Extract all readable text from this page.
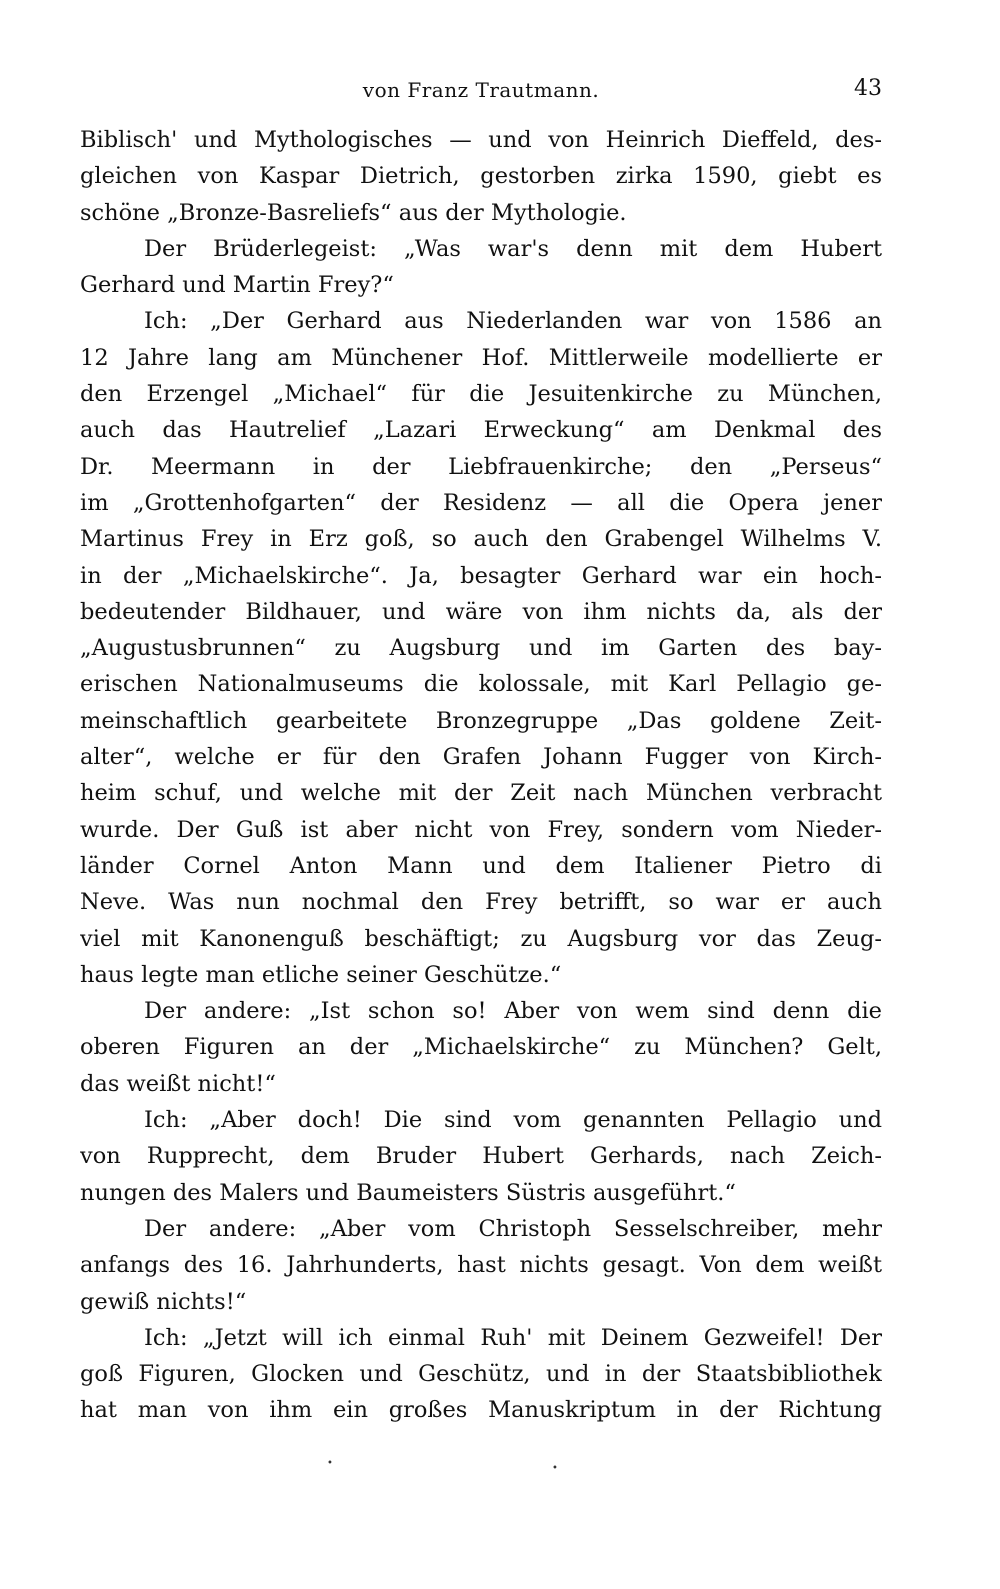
von Franz Trautmann.	43
Biblisch' und Mythologisches — und von Heinrich Dieffeld, des-
gleichen von Kaspar Dietrich, gestorben zirka 1590, giebt es
schöne „Bronze-Basreliefs“ aus der Mythologie.
Der Brüderlegeist: „Was war's denn mit dem Hubert
Gerhard und Martin Frey?“
Ich: „Der Gerhard aus Niederlanden war von 1586 an
12 Jahre lang am Münchener Hof. Mittlerweile modellierte er
den Erzengel „Michael“ für die Jesuitenkirche zu München,
auch das Hautrelief „Lazari Erweckung“ am Denkmal des
Dr. Meermann in der Liebfrauenkirche; den „Perseus“
im „Grottenhofgarten“ der Residenz — all die Opera jener
Martinus Frey in Erz goß, so auch den Grabengel Wilhelms V.
in der „Michaelskirche“. Ja, besagter Gerhard war ein hoch-
bedeutender Bildhauer, und wäre von ihm nichts da, als der
„Augustusbrunnen“ zu Augsburg und im Garten des bay-
erischen Nationalmuseums die kolossale, mit Karl Pellagio ge-
meinschaftlich gearbeitete Bronzegruppe „Das goldene Zeit-
alter“, welche er für den Grafen Johann Fugger von Kirch-
heim schuf, und welche mit der Zeit nach München verbracht
wurde. Der Guß ist aber nicht von Frey, sondern vom Nieder-
länder Cornel Anton Mann und dem Italiener Pietro di
Neve. Was nun nochmal den Frey betrifft, so war er auch
viel mit Kanonenguß beschäftigt; zu Augsburg vor das Zeug-
haus legte man etliche seiner Geschütze.“
Der andere: „Ist schon so! Aber von wem sind denn die
oberen Figuren an der „Michaelskirche“ zu München? Gelt,
das weißt nicht!“
Ich: „Aber doch! Die sind vom genannten Pellagio und
von Rupprecht, dem Bruder Hubert Gerhards, nach Zeich-
nungen des Malers und Baumeisters Süstris ausgeführt.“
Der andere: „Aber vom Christoph Sesselschreiber, mehr
anfangs des 16. Jahrhunderts, hast nichts gesagt. Von dem weißt
gewiß nichts!“
Ich: „Jetzt will ich einmal Ruh' mit Deinem Gezweifel! Der
goß Figuren, Glocken und Geschütz, und in der Staatsbibliothek
hat man von ihm ein großes Manuskriptum in der Richtung
•	•
